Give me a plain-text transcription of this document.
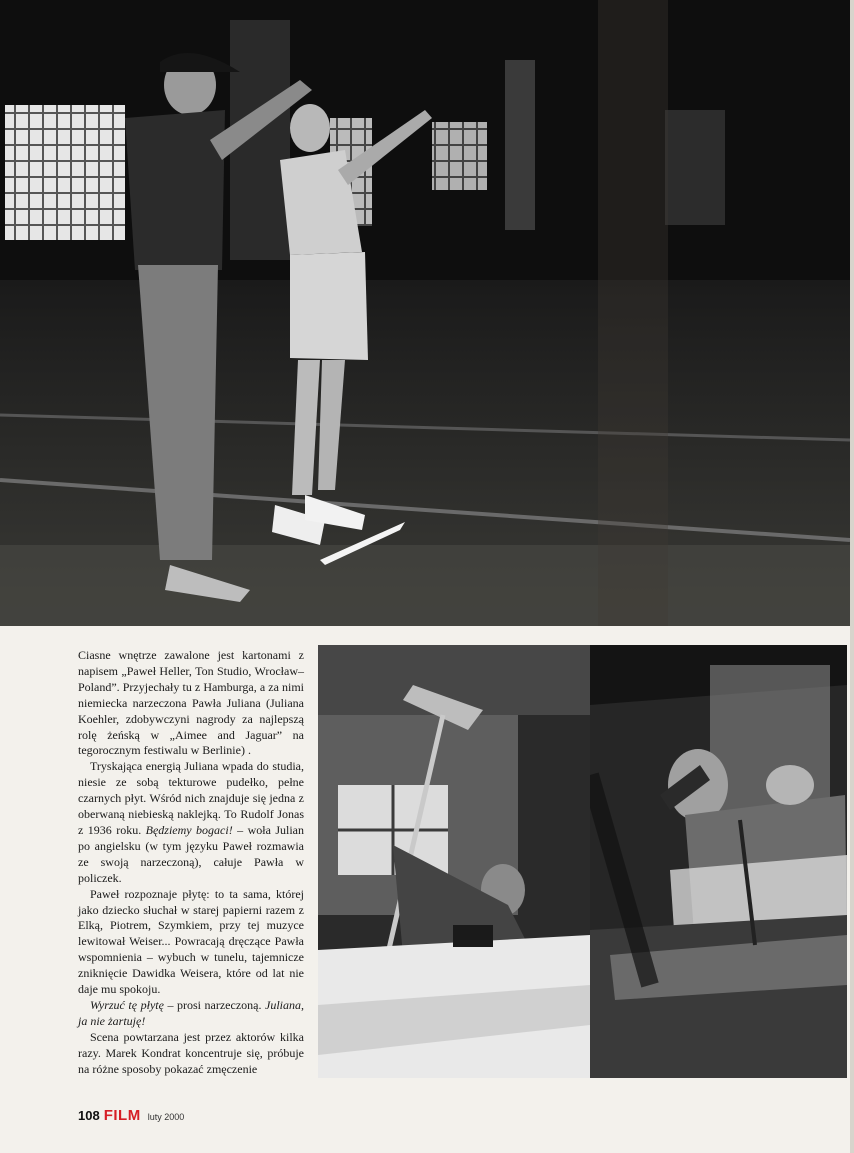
Ciasne wnętrze zawalone jest kartonami z napisem „Paweł Heller, Ton Studio, Wrocław–Poland”. Przyjechały tu z Hamburga, a za nimi niemiecka narzeczona Pawła Juliana (Juliana Koehler, zdobywczyni nagrody za najlepszą rolę żeńską w „Aimee and Jaguar” na tegorocznym festiwalu w Berlinie) .

Tryskająca energią Juliana wpada do studia, niesie ze sobą tekturowe pudełko, pełne czarnych płyt. Wśród nich znajduje się jedna z oberwaną niebieską naklejką. To Rudolf Jonas z 1936 roku. Będziemy bogaci! – woła Julian po angielsku (w tym języku Paweł rozmawia ze swoją narzeczoną), całuje Pawła w policzek.

Paweł rozpoznaje płytę: to ta sama, której jako dziecko słuchał w starej papierni razem z Elką, Piotrem, Szymkiem, przy tej muzyce lewitował Weiser... Powracają dręczące Pawła wspomnienia – wybuch w tunelu, tajemnicze zniknięcie Dawidka Weisera, które od lat nie daje mu spokoju.

Wyrzuć tę płytę – prosi narzeczoną. Juliana, ja nie żartuję!

Scena powtarzana jest przez aktorów kilka razy. Marek Kondrat koncentruje się, próbuje na różne sposoby pokazać zmęczenie

108 FILM luty 2000
